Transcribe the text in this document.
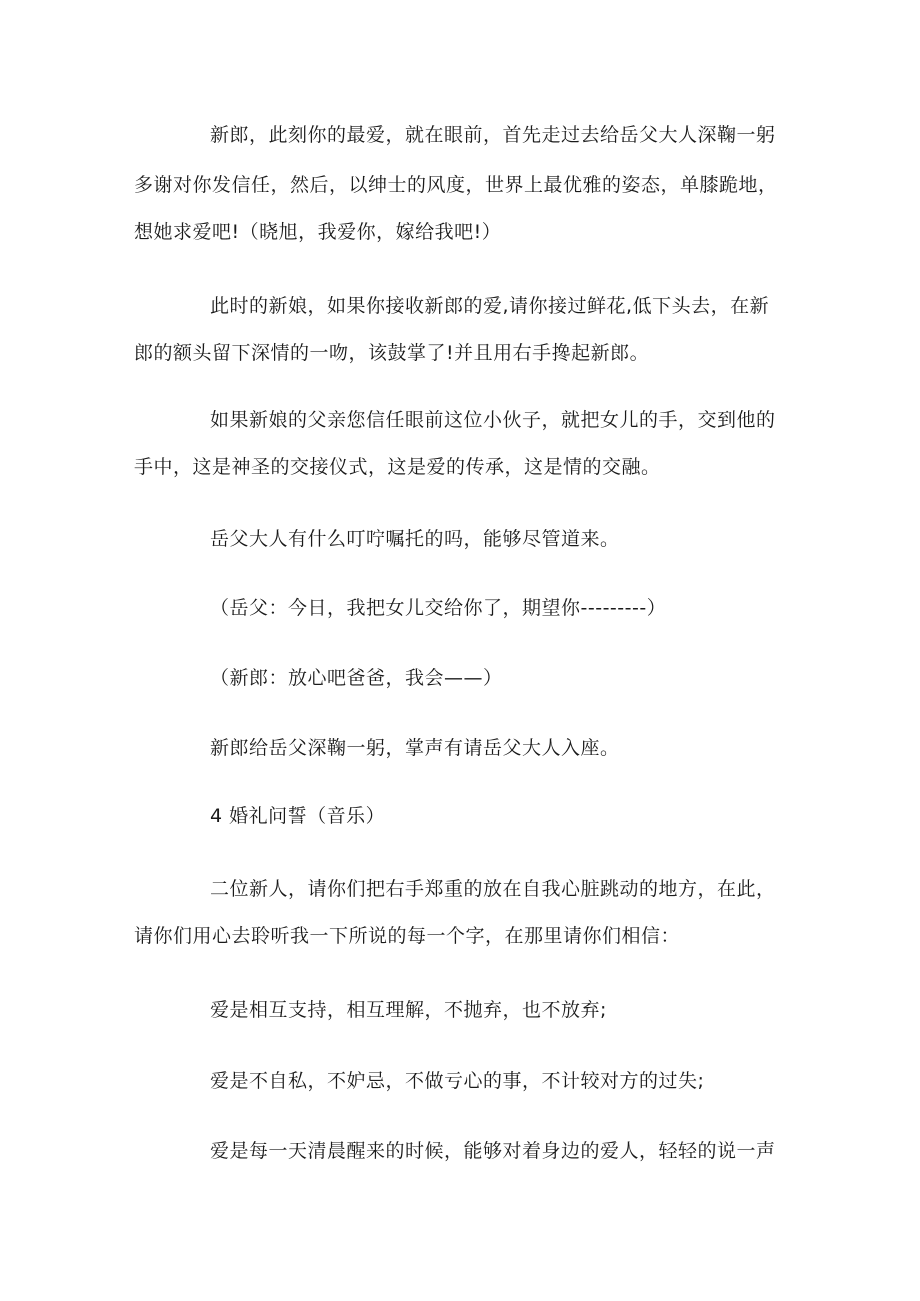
新郎，此刻你的最爱，就在眼前，首先走过去给岳父大人深鞠一躬
多谢对你发信任，然后，以绅士的风度，世界上最优雅的姿态，单膝跪地，
想她求爱吧!（晓旭，我爱你，嫁给我吧!）
此时的新娘，如果你接收新郎的爱,请你接过鲜花,低下头去，在新
郎的额头留下深情的一吻，该鼓掌了!并且用右手搀起新郎。
如果新娘的父亲您信任眼前这位小伙子，就把女儿的手，交到他的
手中，这是神圣的交接仪式，这是爱的传承，这是情的交融。
岳父大人有什么叮咛嘱托的吗，能够尽管道来。
（岳父：今日，我把女儿交给你了，期望你---------）
（新郎：放心吧爸爸，我会——）
新郎给岳父深鞠一躬，掌声有请岳父大人入座。
4 婚礼问誓（音乐）
二位新人，请你们把右手郑重的放在自我心脏跳动的地方，在此，
请你们用心去聆听我一下所说的每一个字，在那里请你们相信：
爱是相互支持，相互理解，不抛弃，也不放弃;
爱是不自私，不妒忌，不做亏心的事，不计较对方的过失;
爱是每一天清晨醒来的时候，能够对着身边的爱人，轻轻的说一声
